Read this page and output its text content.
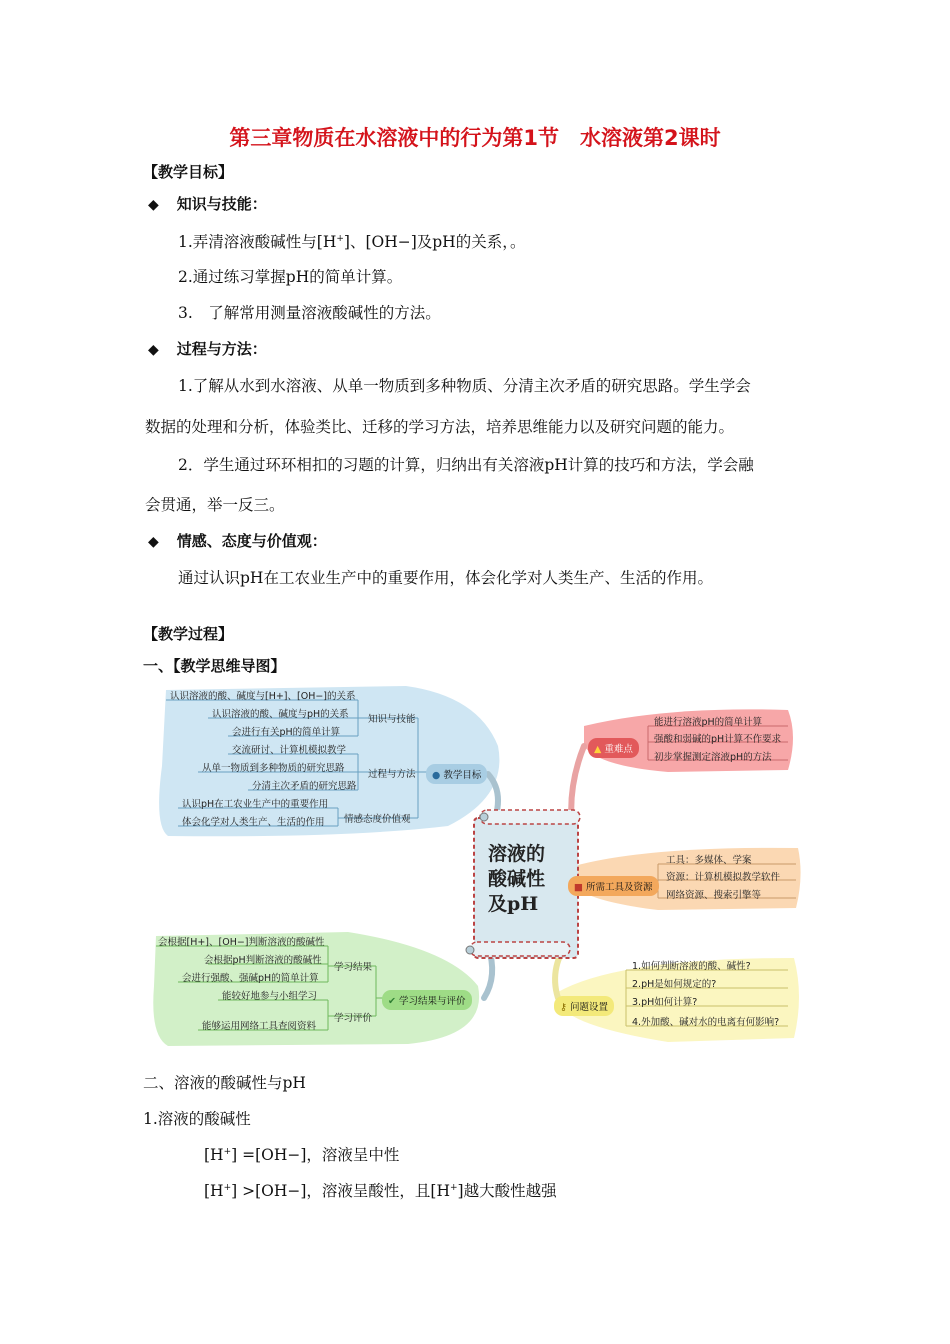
第三章物质在水溶液中的行为第1节　水溶液第2课时
【教学目标】
◆ 知识与技能：
1.弄清溶液酸碱性与[H+]、[OH−]及pH的关系，。
2.通过练习掌握pH的简单计算。
3.　了解常用测量溶液酸碱性的方法。
◆ 过程与方法：
1.了解从水到水溶液、从单一物质到多种物质、分清主次矛盾的研究思路。学生学会
数据的处理和分析，体验类比、迁移的学习方法，培养思维能力以及研究问题的能力。
2．学生通过环环相扣的习题的计算，归纳出有关溶液pH计算的技巧和方法，学会融
会贯通，举一反三。
◆ 情感、态度与价值观：
通过认识pH在工农业生产中的重要作用，体会化学对人类生产、生活的作用。
【教学过程】
一、【教学思维导图】
溶液的
酸碱性
及pH
● 教学目标
知识与技能
过程与方法
情感态度价值观
认识溶液的酸、碱度与[H+]、[OH−]的关系
认识溶液的酸、碱度与pH的关系
会进行有关pH的简单计算
交流研讨、计算机模拟教学
从单一物质到多种物质的研究思路
分清主次矛盾的研究思路
认识pH在工农业生产中的重要作用
体会化学对人类生产、生活的作用
▲ 重难点
能进行溶液pH的简单计算
强酸和弱碱的pH计算不作要求
初步掌握测定溶液pH的方法
■ 所需工具及资源
工具：多媒体、学案
资源：计算机模拟教学软件
网络资源、搜索引擎等
⚷ 问题设置
1.如何判断溶液的酸、碱性?
2.pH是如何规定的?
3.pH如何计算?
4.外加酸、碱对水的电离有何影响?
✔ 学习结果与评价
学习结果
学习评价
会根据[H+]、[OH−]判断溶液的酸碱性
会根据pH判断溶液的酸碱性
会进行强酸、强碱pH的简单计算
能较好地参与小组学习
能够运用网络工具查阅资料
二、溶液的酸碱性与pH
1.溶液的酸碱性
[H+] =[OH−]，溶液呈中性
[H+] >[OH−]，溶液呈酸性，且[H+]越大酸性越强
